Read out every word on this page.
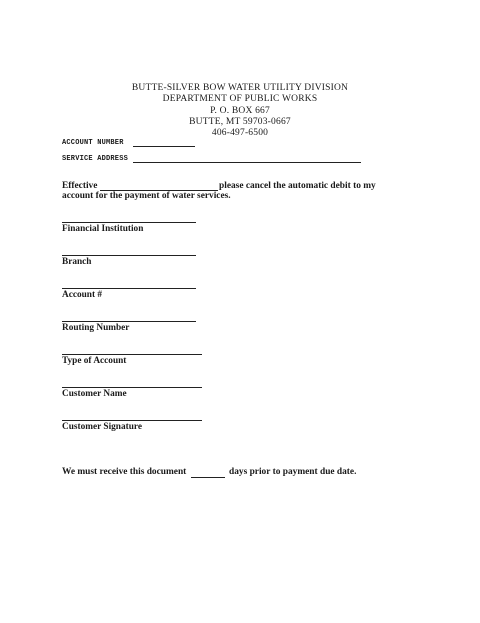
BUTTE-SILVER BOW WATER UTILITY DIVISION
DEPARTMENT OF PUBLIC WORKS
P. O. BOX 667
BUTTE, MT 59703-0667
406-497-6500
ACCOUNT NUMBER
SERVICE ADDRESS
Effective	please cancel the automatic debit to my
account for the payment of water services.
Financial Institution
Branch
Account #
Routing Number
Type of Account
Customer Name
Customer Signature
We must receive this document	days prior to payment due date.
